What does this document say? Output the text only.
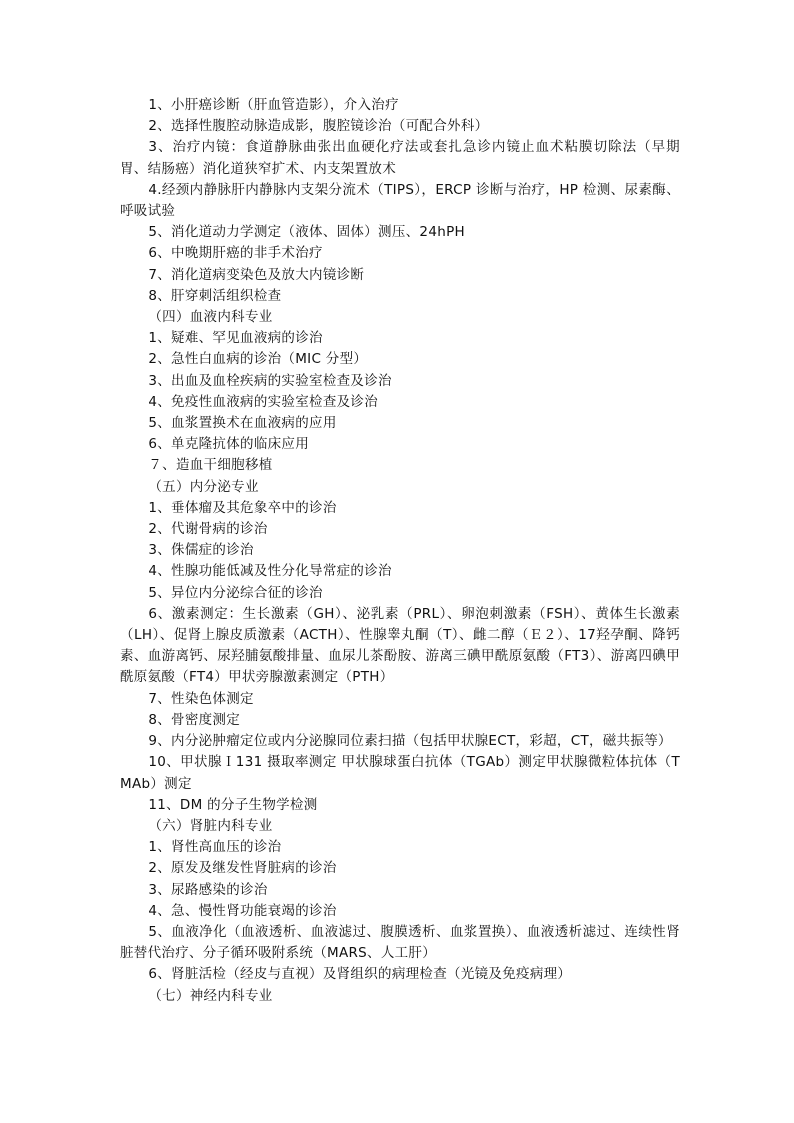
1、小肝癌诊断（肝血管造影），介入治疗

2、选择性腹腔动脉造成影，腹腔镜诊治（可配合外科）

3、治疗内镜：食道静脉曲张出血硬化疗法或套扎急诊内镜止血术粘膜切除法（早期胃、结肠癌）消化道狭窄扩术、内支架置放术

4.经颈内静脉肝内静脉内支架分流术（TIPS），ERCP 诊断与治疗，HP 检测、尿素酶、呼吸试验

5、消化道动力学测定（液体、固体）测压、24hPH

6、中晚期肝癌的非手术治疗

7、消化道病变染色及放大内镜诊断

8、肝穿刺活组织检查

（四）血液内科专业

1、疑难、罕见血液病的诊治

2、急性白血病的诊治（MIC 分型）

3、出血及血栓疾病的实验室检查及诊治

4、免疫性血液病的实验室检查及诊治

5、血浆置换术在血液病的应用

6、单克隆抗体的临床应用

７、造血干细胞移植

（五）内分泌专业

1、垂体瘤及其危象卒中的诊治

2、代谢骨病的诊治

3、侏儒症的诊治

4、性腺功能低减及性分化导常症的诊治

5、异位内分泌综合征的诊治

6、激素测定：生长激素（GH）、泌乳素（PRL）、卵泡刺激素（FSH）、黄体生长激素（LH）、促肾上腺皮质激素（ACTH）、性腺睾丸酮（T）、雌二醇（Ｅ２）、17羟孕酮、降钙素、血游离钙、尿羟脯氨酸排量、血尿儿茶酚胺、游离三碘甲酰原氨酸（FT3）、游离四碘甲酰原氨酸（FT4）甲状旁腺激素测定（PTH）

7、性染色体测定

8、骨密度测定

9、内分泌肿瘤定位或内分泌腺同位素扫描（包括甲状腺ECT，彩超，CT，磁共振等）

10、甲状腺Ｉ131 摄取率测定 甲状腺球蛋白抗体（TGAb）测定甲状腺微粒体抗体（TMAb）测定

11、DM 的分子生物学检测

（六）肾脏内科专业

1、肾性高血压的诊治

2、原发及继发性肾脏病的诊治

3、尿路感染的诊治

4、急、慢性肾功能衰竭的诊治

5、血液净化（血液透析、血液滤过、腹膜透析、血浆置换）、血液透析滤过、连续性肾脏替代治疗、分子循环吸附系统（MARS、人工肝）

6、肾脏活检（经皮与直视）及肾组织的病理检查（光镜及免疫病理）

（七）神经内科专业
